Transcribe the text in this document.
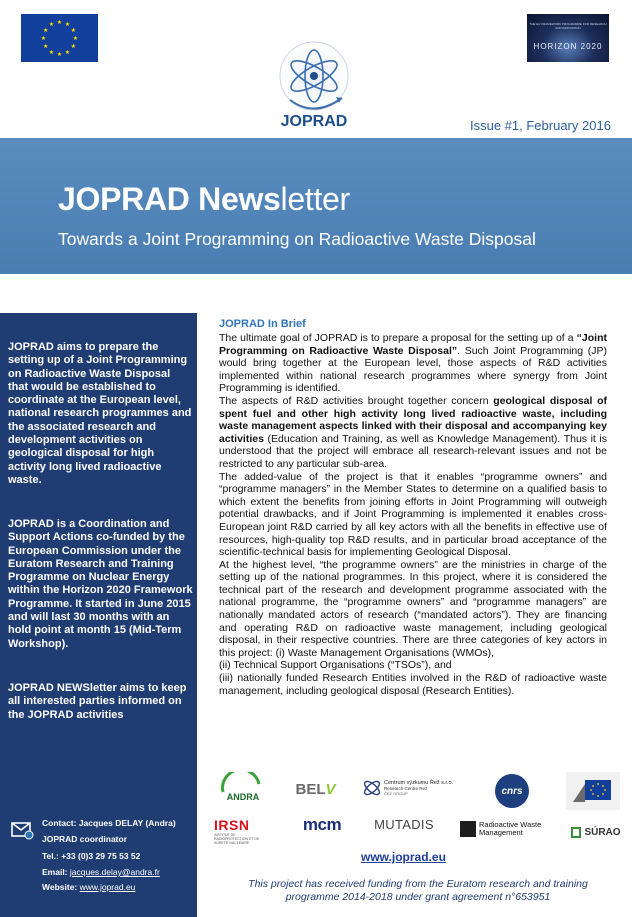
★ ★
★
★
★
★
★
★
★
★
★
★	THE EU FRAMEWORK PROGRAMME FOR RESEARCH AND INNOVATION
HORIZON 2020
JOPRAD	Issue #1, February 2016
JOPRAD Newsletter
Towards a Joint Programming on Radioactive Waste Disposal
JOPRAD aims to prepare the setting up of a Joint Programming on Radioactive Waste Disposal that would be established to coordinate at the European level, national research programmes and the associated research and development activities on geological disposal for high activity long lived radioactive waste.
JOPRAD is a Coordination and Support Actions co-funded by the European Commission under the Euratom Research and Training Programme on Nuclear Energy within the Horizon 2020 Framework Programme. It started in June 2015 and will last 30 months with an hold point at month 15 (Mid-Term Workshop).
JOPRAD NEWSletter aims to keep all interested parties informed on the JOPRAD activities
Contact: Jacques DELAY (Andra)
JOPRAD coordinator
Tel.: +33 (0)3 29 75 53 52
Email: jacques.delay@andra.fr
Website: www.joprad.eu
JOPRAD In Brief

The ultimate goal of JOPRAD is to prepare a proposal for the setting up of a “Joint Programming on Radioactive Waste Disposal”. Such Joint Programming (JP) would bring together at the European level, those aspects of R&D activities implemented within national research programmes where synergy from Joint Programming is identified.

The aspects of R&D activities brought together concern geological disposal of spent fuel and other high activity long lived radioactive waste, including waste management aspects linked with their disposal and accompanying key activities (Education and Training, as well as Knowledge Management). Thus it is understood that the project will embrace all research-relevant issues and not be restricted to any particular sub-area.

The added-value of the project is that it enables “programme owners” and “programme managers” in the Member States to determine on a qualified basis to which extent the benefits from joining efforts in Joint Programming will outweigh potential drawbacks, and if Joint Programming is implemented it enables cross-European joint R&D carried by all key actors with all the benefits in effective use of resources, high-quality top R&D results, and in particular broad acceptance of the scientific-technical basis for implementing Geological Disposal.

At the highest level, “the programme owners” are the ministries in charge of the setting up of the national programmes. In this project, where it is considered the technical part of the research and development programme associated with the national programme, the “programme owners” and “programme managers” are nationally mandated actors of research (“mandated actors”). They are financing and operating R&D on radioactive waste management, including geological disposal, in their respective countries. There are three categories of key actors in this project: (i) Waste Management Organisations (WMOs),

(ii) Technical Support Organisations (“TSOs”), and

(iii) nationally funded Research Entities involved in the R&D of radioactive waste management, including geological disposal (Research Entities).

ANDRA BEL V	Centrum výzkumu Řež s.r.o.
Research Centre Rez
ČEZ GROUP	cnrs
IRSN
INSTITUT DE RADIOPROTECTION ET DE SÛRETÉ NUCLÉAIRE
mcm	MUTADIS	Radioactive Waste Management	SÚRAO
www.joprad.eu
This project has received funding from the Euratom research and training programme 2014-2018 under grant agreement n°653951
